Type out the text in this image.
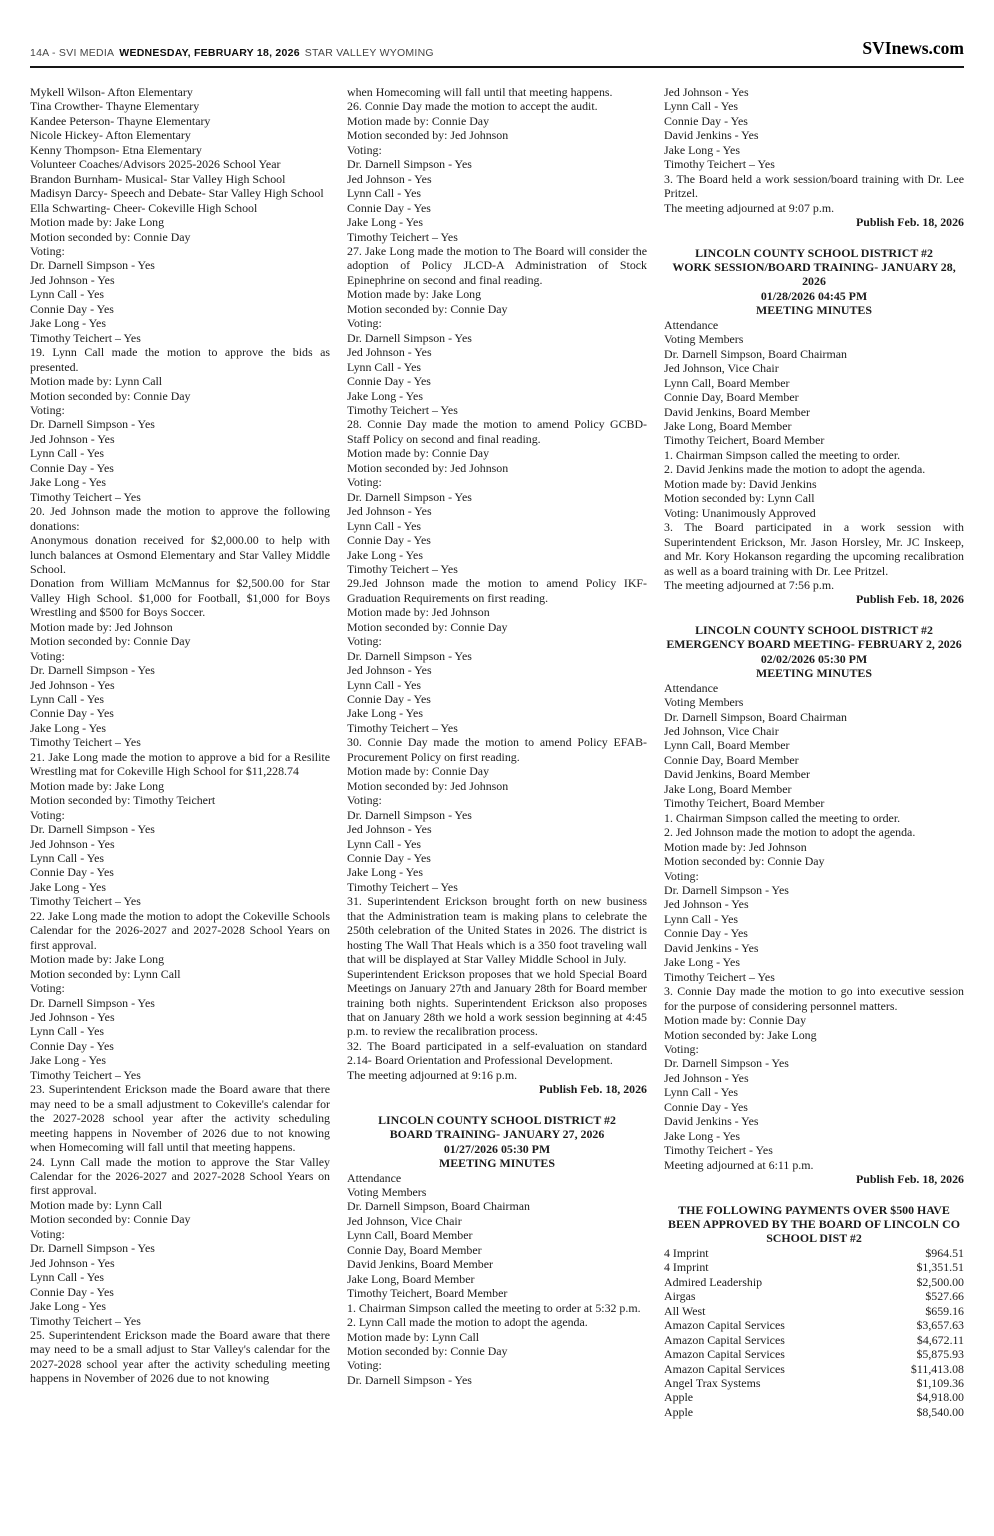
14A - SVI MEDIA WEDNESDAY, FEBRUARY 18, 2026 STAR VALLEY WYOMING	SVInews.com
Mykell Wilson- Afton Elementary
Tina Crowther- Thayne Elementary
Kandee Peterson- Thayne Elementary
Nicole Hickey- Afton Elementary
Kenny Thompson- Etna Elementary
Volunteer Coaches/Advisors 2025-2026 School Year
Brandon Burnham- Musical- Star Valley High School
Madisyn Darcy- Speech and Debate- Star Valley High School
Ella Schwarting- Cheer- Cokeville High School
Motion made by: Jake Long
Motion seconded by: Connie Day
Voting:
Dr. Darnell Simpson - Yes
Jed Johnson - Yes
Lynn Call - Yes
Connie Day - Yes
Jake Long - Yes
Timothy Teichert – Yes
19. Lynn Call made the motion to approve the bids as presented.
Motion made by: Lynn Call
Motion seconded by: Connie Day
Voting:
Dr. Darnell Simpson - Yes
Jed Johnson - Yes
Lynn Call - Yes
Connie Day - Yes
Jake Long - Yes
Timothy Teichert – Yes
20. Jed Johnson made the motion to approve the following donations:
Anonymous donation received for $2,000.00 to help with lunch balances at Osmond Elementary and Star Valley Middle School.
Donation from William McMannus for $2,500.00 for Star Valley High School. $1,000 for Football, $1,000 for Boys Wrestling and $500 for Boys Soccer.
Motion made by: Jed Johnson
Motion seconded by: Connie Day
Voting:
Dr. Darnell Simpson - Yes
Jed Johnson - Yes
Lynn Call - Yes
Connie Day - Yes
Jake Long - Yes
Timothy Teichert – Yes
21. Jake Long made the motion to approve a bid for a Resilite Wrestling mat for Cokeville High School for $11,228.74
Motion made by: Jake Long
Motion seconded by: Timothy Teichert
Voting:
Dr. Darnell Simpson - Yes
Jed Johnson - Yes
Lynn Call - Yes
Connie Day - Yes
Jake Long - Yes
Timothy Teichert – Yes
22. Jake Long made the motion to adopt the Cokeville Schools Calendar for the 2026-2027 and 2027-2028 School Years on first approval.
Motion made by: Jake Long
Motion seconded by: Lynn Call
Voting:
Dr. Darnell Simpson - Yes
Jed Johnson - Yes
Lynn Call - Yes
Connie Day - Yes
Jake Long - Yes
Timothy Teichert – Yes
23. Superintendent Erickson made the Board aware that there may need to be a small adjustment to Cokeville's calendar for the 2027-2028 school year after the activity scheduling meeting happens in November of 2026 due to not knowing when Homecoming will fall until that meeting happens.
24. Lynn Call made the motion to approve the Star Valley Calendar for the 2026-2027 and 2027-2028 School Years on first approval.
Motion made by: Lynn Call
Motion seconded by: Connie Day
Voting:
Dr. Darnell Simpson - Yes
Jed Johnson - Yes
Lynn Call - Yes
Connie Day - Yes
Jake Long - Yes
Timothy Teichert – Yes
25. Superintendent Erickson made the Board aware that there may need to be a small adjust to Star Valley's calendar for the 2027-2028 school year after the activity scheduling meeting happens in November of 2026 due to not knowing
when Homecoming will fall until that meeting happens.
26. Connie Day made the motion to accept the audit.
Motion made by: Connie Day
Motion seconded by: Jed Johnson
Voting:
Dr. Darnell Simpson - Yes
Jed Johnson - Yes
Lynn Call - Yes
Connie Day - Yes
Jake Long - Yes
Timothy Teichert – Yes
27. Jake Long made the motion to The Board will consider the adoption of Policy JLCD-A Administration of Stock Epinephrine on second and final reading.
Motion made by: Jake Long
Motion seconded by: Connie Day
Voting:
Dr. Darnell Simpson - Yes
Jed Johnson - Yes
Lynn Call - Yes
Connie Day - Yes
Jake Long - Yes
Timothy Teichert – Yes
28. Connie Day made the motion to amend Policy GCBD-Staff Policy on second and final reading.
Motion made by: Connie Day
Motion seconded by: Jed Johnson
Voting:
Dr. Darnell Simpson - Yes
Jed Johnson - Yes
Lynn Call - Yes
Connie Day - Yes
Jake Long - Yes
Timothy Teichert – Yes
29.Jed Johnson made the motion to amend Policy IKF-Graduation Requirements on first reading.
Motion made by: Jed Johnson
Motion seconded by: Connie Day
Voting:
Dr. Darnell Simpson - Yes
Jed Johnson - Yes
Lynn Call - Yes
Connie Day - Yes
Jake Long - Yes
Timothy Teichert – Yes
30. Connie Day made the motion to amend Policy EFAB-Procurement Policy on first reading.
Motion made by: Connie Day
Motion seconded by: Jed Johnson
Voting:
Dr. Darnell Simpson - Yes
Jed Johnson - Yes
Lynn Call - Yes
Connie Day - Yes
Jake Long - Yes
Timothy Teichert – Yes
31. Superintendent Erickson brought forth on new business that the Administration team is making plans to celebrate the 250th celebration of the United States in 2026. The district is hosting The Wall That Heals which is a 350 foot traveling wall that will be displayed at Star Valley Middle School in July.
Superintendent Erickson proposes that we hold Special Board Meetings on January 27th and January 28th for Board member training both nights. Superintendent Erickson also proposes that on January 28th we hold a work session beginning at 4:45 p.m. to review the recalibration process.
32. The Board participated in a self-evaluation on standard 2.14- Board Orientation and Professional Development.
The meeting adjourned at 9:16 p.m.
Publish Feb. 18, 2026
LINCOLN COUNTY SCHOOL DISTRICT #2
BOARD TRAINING- JANUARY 27, 2026
01/27/2026 05:30 PM
MEETING MINUTES
Attendance
Voting Members
Dr. Darnell Simpson, Board Chairman
Jed Johnson, Vice Chair
Lynn Call, Board Member
Connie Day, Board Member
David Jenkins, Board Member
Jake Long, Board Member
Timothy Teichert, Board Member
1. Chairman Simpson called the meeting to order at 5:32 p.m.
2. Lynn Call made the motion to adopt the agenda.
Motion made by: Lynn Call
Motion seconded by: Connie Day
Voting:
Dr. Darnell Simpson - Yes
Jed Johnson - Yes
Lynn Call - Yes
Connie Day - Yes
David Jenkins - Yes
Jake Long - Yes
Timothy Teichert – Yes
3. The Board held a work session/board training with Dr. Lee Pritzel.
The meeting adjourned at 9:07 p.m.
Publish Feb. 18, 2026
LINCOLN COUNTY SCHOOL DISTRICT #2
WORK SESSION/BOARD TRAINING- JANUARY 28, 2026
01/28/2026 04:45 PM
MEETING MINUTES
Attendance
Voting Members
Dr. Darnell Simpson, Board Chairman
Jed Johnson, Vice Chair
Lynn Call, Board Member
Connie Day, Board Member
David Jenkins, Board Member
Jake Long, Board Member
Timothy Teichert, Board Member
1. Chairman Simpson called the meeting to order.
2. David Jenkins made the motion to adopt the agenda.
Motion made by: David Jenkins
Motion seconded by: Lynn Call
Voting: Unanimously Approved
3. The Board participated in a work session with Superintendent Erickson, Mr. Jason Horsley, Mr. JC Inskeep, and Mr. Kory Hokanson regarding the upcoming recalibration as well as a board training with Dr. Lee Pritzel.
The meeting adjourned at 7:56 p.m.
Publish Feb. 18, 2026
LINCOLN COUNTY SCHOOL DISTRICT #2
EMERGENCY BOARD MEETING- FEBRUARY 2, 2026
02/02/2026 05:30 PM
MEETING MINUTES
Attendance
Voting Members
Dr. Darnell Simpson, Board Chairman
Jed Johnson, Vice Chair
Lynn Call, Board Member
Connie Day, Board Member
David Jenkins, Board Member
Jake Long, Board Member
Timothy Teichert, Board Member
1. Chairman Simpson called the meeting to order.
2. Jed Johnson made the motion to adopt the agenda.
Motion made by: Jed Johnson
Motion seconded by: Connie Day
Voting:
Dr. Darnell Simpson - Yes
Jed Johnson - Yes
Lynn Call - Yes
Connie Day - Yes
David Jenkins - Yes
Jake Long - Yes
Timothy Teichert – Yes
3. Connie Day made the motion to go into executive session for the purpose of considering personnel matters.
Motion made by: Connie Day
Motion seconded by: Jake Long
Voting:
Dr. Darnell Simpson - Yes
Jed Johnson - Yes
Lynn Call - Yes
Connie Day - Yes
David Jenkins - Yes
Jake Long - Yes
Timothy Teichert - Yes
Meeting adjourned at 6:11 p.m.
Publish Feb. 18, 2026
THE FOLLOWING PAYMENTS OVER $500 HAVE BEEN APPROVED BY THE BOARD OF LINCOLN CO SCHOOL DIST #2
4 Imprint	$964.51
4 Imprint	$1,351.51
Admired Leadership	$2,500.00
Airgas	$527.66
All West	$659.16
Amazon Capital Services	$3,657.63
Amazon Capital Services	$4,672.11
Amazon Capital Services	$5,875.93
Amazon Capital Services	$11,413.08
Angel Trax Systems	$1,109.36
Apple	$4,918.00
Apple	$8,540.00
